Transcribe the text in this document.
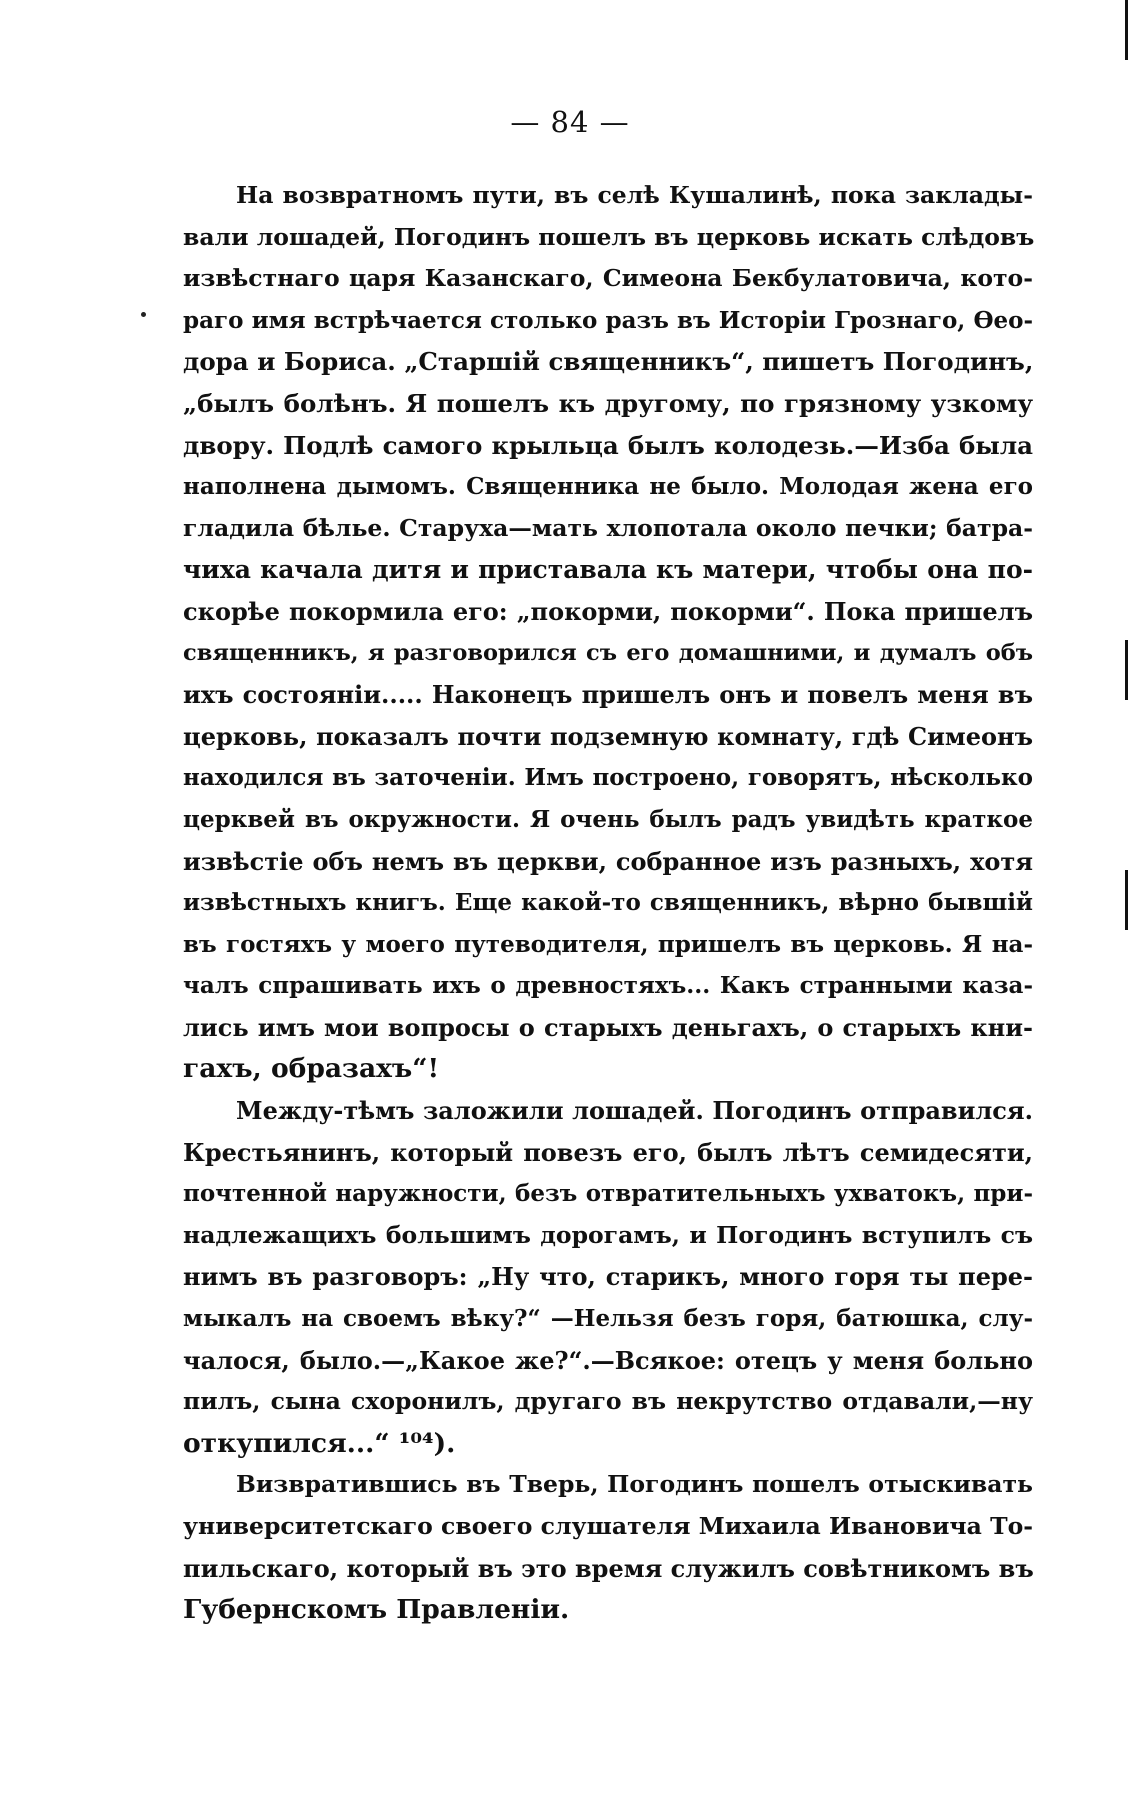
— 84 —
На возвратномъ пути, въ селѣ Кушалинѣ, пока заклады-
вали лошадей, Погодинъ пошелъ въ церковь искать слѣдовъ
извѣстнаго царя Казанскаго, Симеона Бекбулатовича, кото-
раго имя встрѣчается столько разъ въ Исторіи Грознаго, Ѳео-
дора и Бориса. „Старшій священникъ“, пишетъ Погодинъ,
„былъ болѣнъ. Я пошелъ къ другому, по грязному узкому
двору. Подлѣ самого крыльца былъ колодезь.—Изба была
наполнена дымомъ. Священника не было. Молодая жена его
гладила бѣлье. Старуха—мать хлопотала около печки; батра-
чиха качала дитя и приставала къ матери, чтобы она по-
скорѣе покормила его: „покорми, покорми“. Пока пришелъ
священникъ, я разговорился съ его домашними, и думалъ объ
ихъ состояніи..... Наконецъ пришелъ онъ и повелъ меня въ
церковь, показалъ почти подземную комнату, гдѣ Симеонъ
находился въ заточеніи. Имъ построено, говорятъ, нѣсколько
церквей въ окружности. Я очень былъ радъ увидѣть краткое
извѣстіе объ немъ въ церкви, собранное изъ разныхъ, хотя
извѣстныхъ книгъ. Еще какой-то священникъ, вѣрно бывшій
въ гостяхъ у моего путеводителя, пришелъ въ церковь. Я на-
чалъ спрашивать ихъ о древностяхъ... Какъ странными каза-
лись имъ мои вопросы о старыхъ деньгахъ, о старыхъ кни-
гахъ, образахъ“!
Между-тѣмъ заложили лошадей. Погодинъ отправился.
Крестьянинъ, который повезъ его, былъ лѣтъ семидесяти,
почтенной наружности, безъ отвратительныхъ ухватокъ, при-
надлежащихъ большимъ дорогамъ, и Погодинъ вступилъ съ
нимъ въ разговоръ: „Ну что, старикъ, много горя ты пере-
мыкалъ на своемъ вѣку?“ —Нельзя безъ горя, батюшка, слу-
чалося, было.—„Какое же?“.—Всякое: отецъ у меня больно
пилъ, сына схоронилъ, другаго въ некрутство отдавали,—ну
откупился...“ ¹⁰⁴).
Визвратившись въ Тверь, Погодинъ пошелъ отыскивать
университетскаго своего слушателя Михаила Ивановича То-
пильскаго, который въ это время служилъ совѣтникомъ въ
Губернскомъ Правленіи.
